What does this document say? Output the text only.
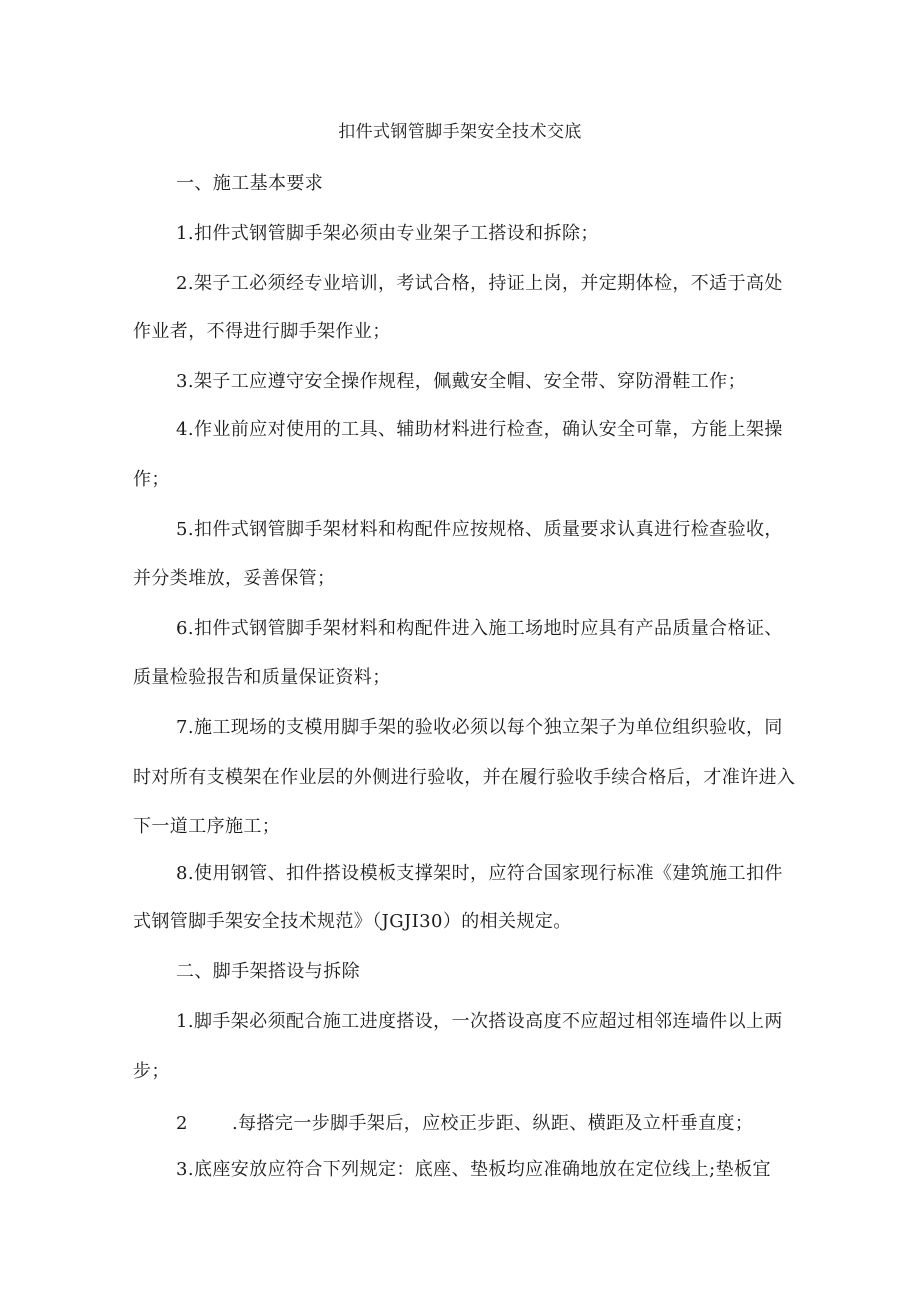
扣件式钢管脚手架安全技术交底
一、施工基本要求
1.扣件式钢管脚手架必须由专业架子工搭设和拆除；
2.架子工必须经专业培训，考试合格，持证上岗，并定期体检，不适于高处
作业者，不得进行脚手架作业；
3.架子工应遵守安全操作规程，佩戴安全帽、安全带、穿防滑鞋工作；
4.作业前应对使用的工具、辅助材料进行检查，确认安全可靠，方能上架操
作；
5.扣件式钢管脚手架材料和构配件应按规格、质量要求认真进行检查验收，
并分类堆放，妥善保管；
6.扣件式钢管脚手架材料和构配件进入施工场地时应具有产品质量合格证、
质量检验报告和质量保证资料；
7.施工现场的支模用脚手架的验收必须以每个独立架子为单位组织验收，同
时对所有支模架在作业层的外侧进行验收，并在履行验收手续合格后，才准许进入
下一道工序施工；
8.使用钢管、扣件搭设模板支撑架时，应符合国家现行标准《建筑施工扣件
式钢管脚手架安全技术规范》（JGJI30）的相关规定。
二、脚手架搭设与拆除
1.脚手架必须配合施工进度搭设，一次搭设高度不应超过相邻连墙件以上两
步；
2 .每搭完一步脚手架后，应校正步距、纵距、横距及立杆垂直度；
3.底座安放应符合下列规定：底座、垫板均应准确地放在定位线上;垫板宜
